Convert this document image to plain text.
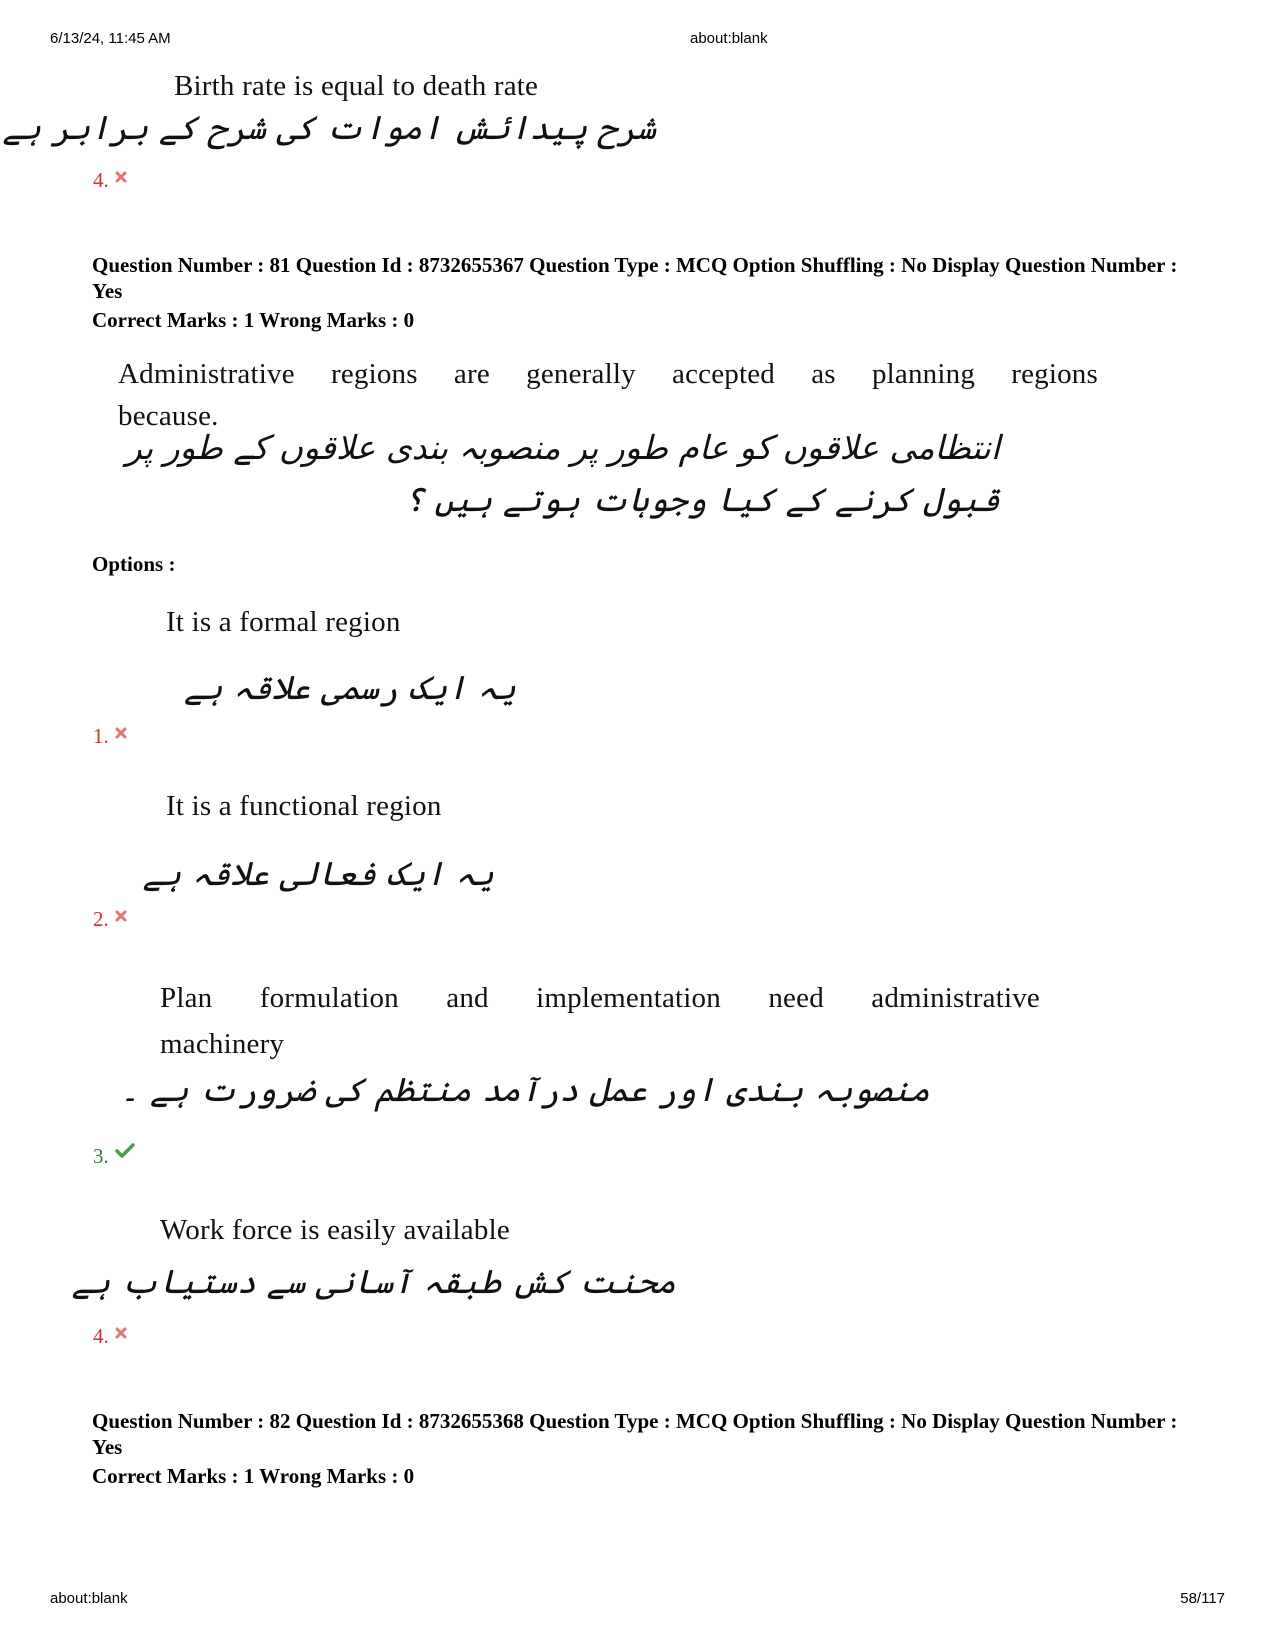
6/13/24, 11:45 AM	about:blank
Birth rate is equal to death rate
شرح پیدائش اموات کی شرح کے برابر ہے
4.
Question Number : 81 Question Id : 8732655367 Question Type : MCQ Option Shuffling : No Display Question Number : Yes
Correct Marks : 1 Wrong Marks : 0
Administrative regions are generally accepted as planning regions
because.
انتظامی علاقوں کو عام طور پر منصوبہ بندی علاقوں کے طور پر
قبول کرنے کے کیا وجوہات ہوتے ہیں ؟
Options :
It is a formal region
یہ ایک رسمی علاقہ ہے
1.
It is a functional region
یہ ایک فعالی علاقہ ہے
2.
Plan formulation and implementation need administrative
machinery
منصوبہ بندی اور عمل درآمد منتظم کی ضرورت ہے ۔
3.
Work force is easily available
محنت کش طبقہ آسانی سے دستیاب ہے
4.
Question Number : 82 Question Id : 8732655368 Question Type : MCQ Option Shuffling : No Display Question Number : Yes
Correct Marks : 1 Wrong Marks : 0
about:blank	58/117
